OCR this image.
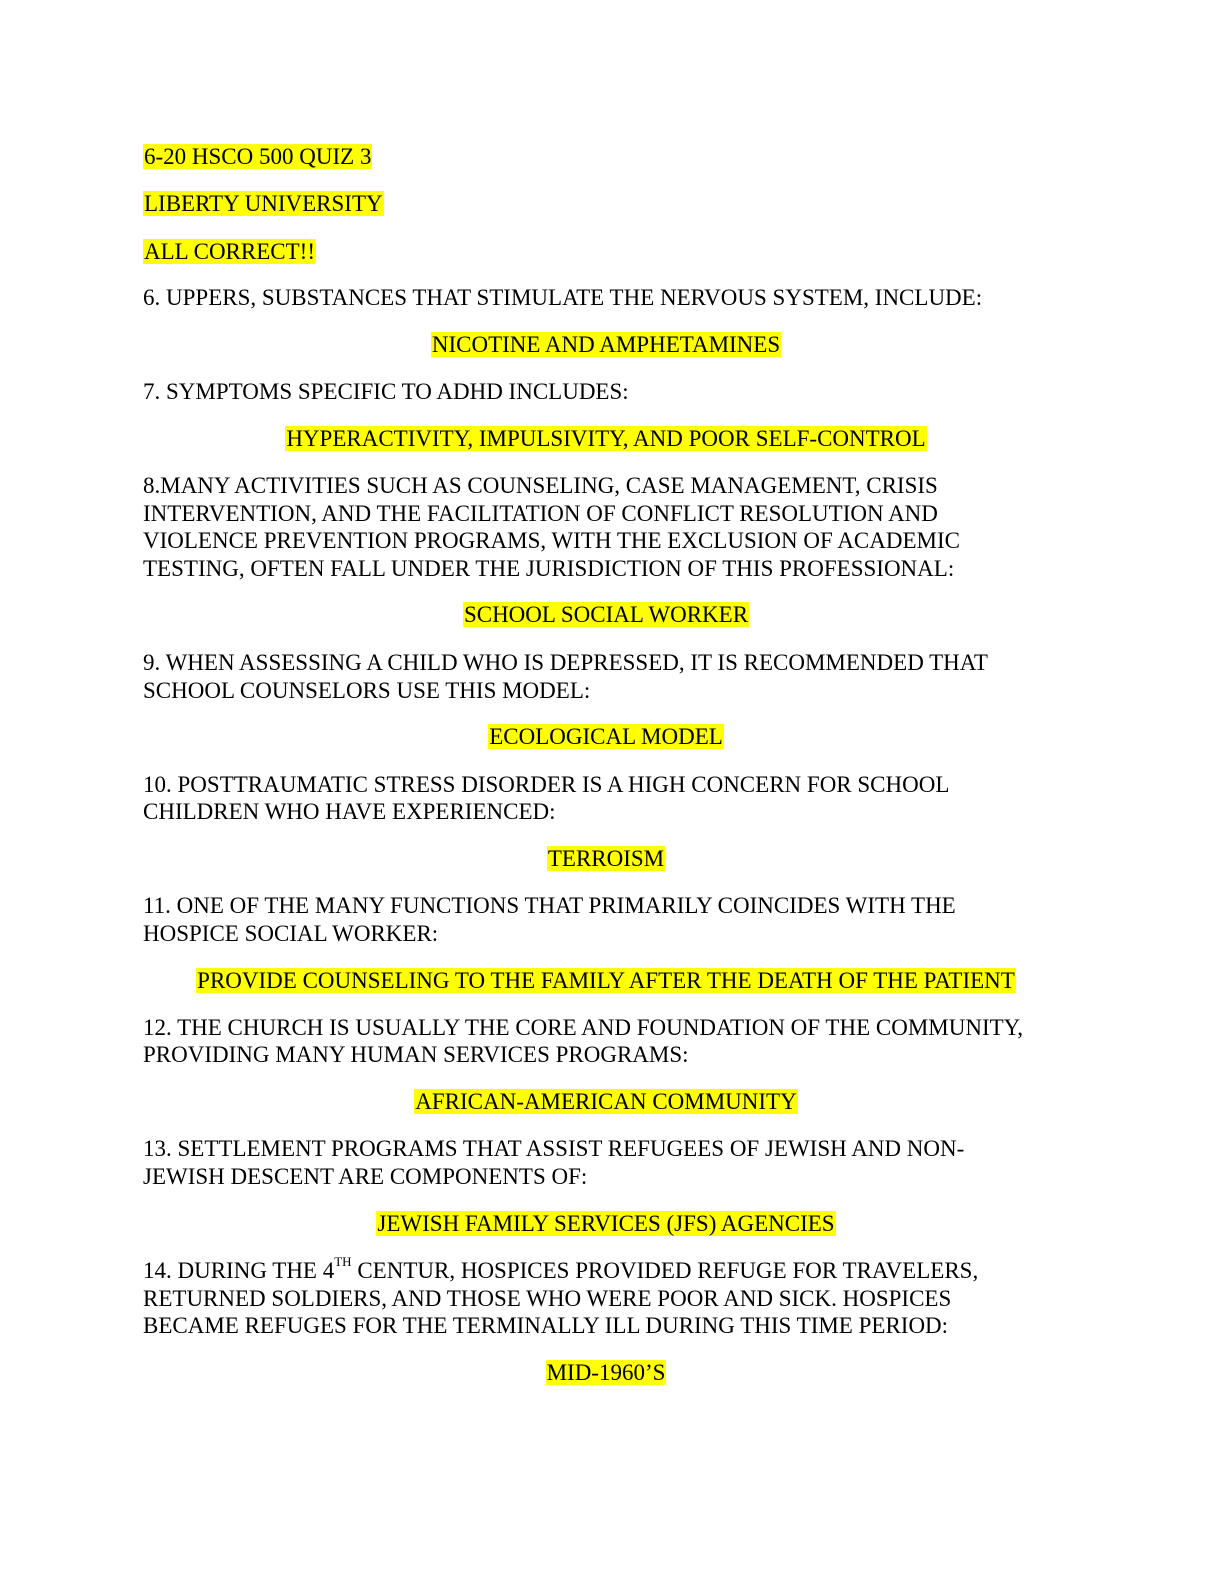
6-20 HSCO 500 QUIZ 3
LIBERTY UNIVERSITY
ALL CORRECT!!
6. UPPERS, SUBSTANCES THAT STIMULATE THE NERVOUS SYSTEM, INCLUDE:
NICOTINE AND AMPHETAMINES
7. SYMPTOMS SPECIFIC TO ADHD INCLUDES:
HYPERACTIVITY, IMPULSIVITY, AND POOR SELF-CONTROL
8.MANY ACTIVITIES SUCH AS COUNSELING, CASE MANAGEMENT, CRISIS
INTERVENTION, AND THE FACILITATION OF CONFLICT RESOLUTION AND
VIOLENCE PREVENTION PROGRAMS, WITH THE EXCLUSION OF ACADEMIC
TESTING, OFTEN FALL UNDER THE JURISDICTION OF THIS PROFESSIONAL:
SCHOOL SOCIAL WORKER
9. WHEN ASSESSING A CHILD WHO IS DEPRESSED, IT IS RECOMMENDED THAT
SCHOOL COUNSELORS USE THIS MODEL:
ECOLOGICAL MODEL
10. POSTTRAUMATIC STRESS DISORDER IS A HIGH CONCERN FOR SCHOOL
CHILDREN WHO HAVE EXPERIENCED:
TERROISM
11. ONE OF THE MANY FUNCTIONS THAT PRIMARILY COINCIDES WITH THE
HOSPICE SOCIAL WORKER:
PROVIDE COUNSELING TO THE FAMILY AFTER THE DEATH OF THE PATIENT
12. THE CHURCH IS USUALLY THE CORE AND FOUNDATION OF THE COMMUNITY,
PROVIDING MANY HUMAN SERVICES PROGRAMS:
AFRICAN-AMERICAN COMMUNITY
13. SETTLEMENT PROGRAMS THAT ASSIST REFUGEES OF JEWISH AND NON-
JEWISH DESCENT ARE COMPONENTS OF:
JEWISH FAMILY SERVICES (JFS) AGENCIES
14. DURING THE 4TH CENTUR, HOSPICES PROVIDED REFUGE FOR TRAVELERS,
RETURNED SOLDIERS, AND THOSE WHO WERE POOR AND SICK. HOSPICES
BECAME REFUGES FOR THE TERMINALLY ILL DURING THIS TIME PERIOD:
MID-1960’S
